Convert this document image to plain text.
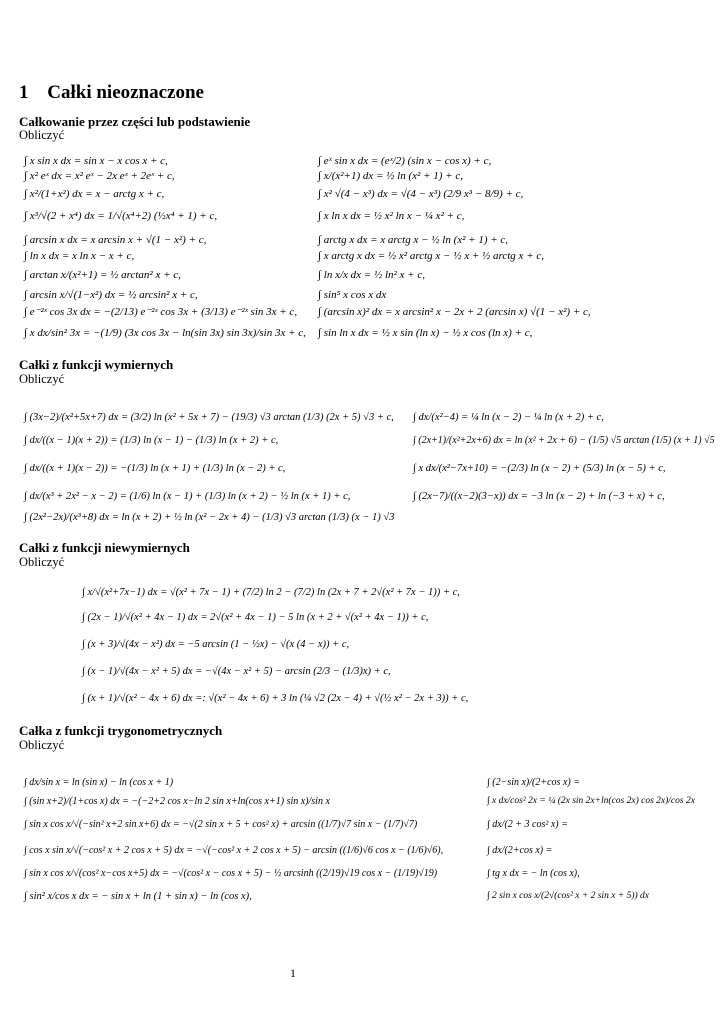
1 Całki nieoznaczone
Całkowanie przez części lub podstawienie
Obliczyć
∫ x sin x dx = sin x − x cos x + c,
∫ x² eˣ dx = x² eˣ − 2x eˣ + 2eˣ + c,
∫ x²/(1+x²) dx = x − arctg x + c,
∫ x³/√(2 + x⁴) dx = 1/√(x⁴+2) (½x⁴ + 1) + c,
∫ arcsin x dx = x arcsin x + √(1 − x²) + c,
∫ ln x dx = x ln x − x + c,
∫ arctan x/(x²+1) = ½ arctan² x + c,
∫ arcsin x/√(1−x²) dx = ½ arcsin² x + c,
∫ e⁻²ˣ cos 3x dx = −(2/13) e⁻²ˣ cos 3x + (3/13) e⁻²ˣ sin 3x + c,
∫ x dx/sin² 3x = −(1/9) (3x cos 3x − ln(sin 3x) sin 3x)/sin 3x + c,
∫ eˣ sin x dx = (eˣ/2) (sin x − cos x) + c,
∫ x/(x²+1) dx = ½ ln (x² + 1) + c,
∫ x² √(4 − x³) dx = √(4 − x³) (2/9 x³ − 8/9) + c,
∫ x ln x dx = ½ x² ln x − ¼ x² + c,
∫ arctg x dx = x arctg x − ½ ln (x² + 1) + c,
∫ x arctg x dx = ½ x² arctg x − ½ x + ½ arctg x + c,
∫ ln x/x dx = ½ ln² x + c,
∫ sin⁵ x cos x dx
∫ (arcsin x)² dx = x arcsin² x − 2x + 2 (arcsin x) √(1 − x²) + c,
∫ sin ln x dx = ½ x sin (ln x) − ½ x cos (ln x) + c,
Całki z funkcji wymiernych
Obliczyć
∫ (3x−2)/(x²+5x+7) dx = (3/2) ln (x² + 5x + 7) − (19/3) √3 arctan (1/3) (2x + 5) √3 + c,
∫ dx/((x − 1)(x + 2)) = (1/3) ln (x − 1) − (1/3) ln (x + 2) + c,
∫ dx/((x + 1)(x − 2)) = −(1/3) ln (x + 1) + (1/3) ln (x − 2) + c,
∫ dx/(x³ + 2x² − x − 2) = (1/6) ln (x − 1) + (1/3) ln (x + 2) − ½ ln (x + 1) + c,
∫ (2x²−2x)/(x³+8) dx = ln (x + 2) + ½ ln (x² − 2x + 4) − (1/3) √3 arctan (1/3) (x − 1) √3
∫ dx/(x²−4) = ¼ ln (x − 2) − ¼ ln (x + 2) + c,
∫ (2x+1)/(x²+2x+6) dx = ln (x² + 2x + 6) − (1/5) √5 arctan (1/5) (x + 1) √5
∫ x dx/(x²−7x+10) = −(2/3) ln (x − 2) + (5/3) ln (x − 5) + c,
∫ (2x−7)/((x−2)(3−x)) dx = −3 ln (x − 2) + ln (−3 + x) + c,
Całki z funkcji niewymiernych
Obliczyć
∫ x/√(x²+7x−1) dx = √(x² + 7x − 1) + (7/2) ln 2 − (7/2) ln (2x + 7 + 2√(x² + 7x − 1)) + c,
∫ (2x − 1)/√(x² + 4x − 1) dx = 2√(x² + 4x − 1) − 5 ln (x + 2 + √(x² + 4x − 1)) + c,
∫ (x + 3)/√(4x − x²) dx = −5 arcsin (1 − ½x) − √(x (4 − x)) + c,
∫ (x − 1)/√(4x − x² + 5) dx = −√(4x − x² + 5) − arcsin (2/3 − (1/3)x) + c,
∫ (x + 1)/√(x² − 4x + 6) dx =: √(x² − 4x + 6) + 3 ln (¼ √2 (2x − 4) + √(½ x² − 2x + 3)) + c,
Całka z funkcji trygonometrycznych
Obliczyć
∫ dx/sin x = ln (sin x) − ln (cos x + 1)
∫ (sin x+2)/(1+cos x) dx = −(−2+2 cos x−ln 2 sin x+ln(cos x+1) sin x)/sin x
∫ sin x cos x/√(−sin² x+2 sin x+6) dx = −√(2 sin x + 5 + cos² x) + arcsin ((1/7)√7 sin x − (1/7)√7)
∫ cos x sin x/√(−cos² x + 2 cos x + 5) dx = −√(−cos² x + 2 cos x + 5) − arcsin ((1/6)√6 cos x − (1/6)√6),
∫ sin x cos x/√(cos² x−cos x+5) dx = −√(cos² x − cos x + 5) − ½ arcsinh ((2/19)√19 cos x − (1/19)√19)
∫ sin² x/cos x dx = − sin x + ln (1 + sin x) − ln (cos x),
∫ (2−sin x)/(2+cos x) =
∫ x dx/cos² 2x = ¼ (2x sin 2x+ln(cos 2x) cos 2x)/cos 2x
∫ dx/(2 + 3 cos² x) =
∫ dx/(2+cos x) =
∫ tg x dx = − ln (cos x),
∫ 2 sin x cos x/(2√(cos² x + 2 sin x + 5)) dx
1
